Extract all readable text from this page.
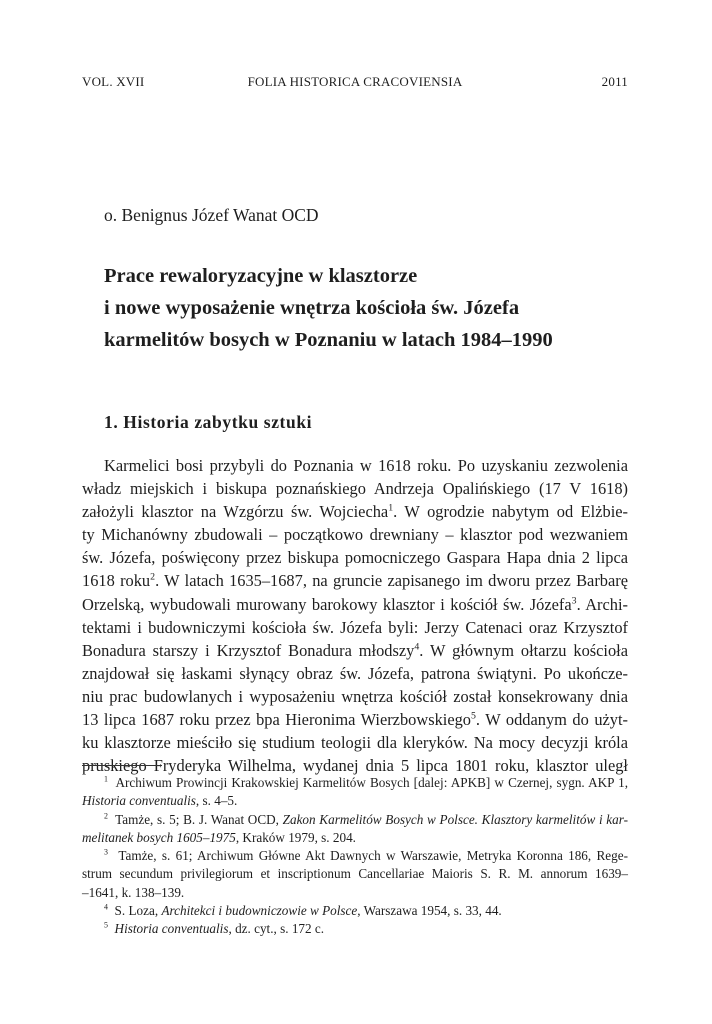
VOL. XVII	FOLIA HISTORICA CRACOVIENSIA	2011
o. Benignus Józef Wanat OCD
Prace rewaloryzacyjne w klasztorze
i nowe wyposażenie wnętrza kościoła św. Józefa
karmelitów bosych w Poznaniu w latach 1984–1990
1. Historia zabytku sztuki
Karmelici bosi przybyli do Poznania w 1618 roku. Po uzyskaniu zezwolenia
władz miejskich i biskupa poznańskiego Andrzeja Opalińskiego (17 V 1618)
założyli klasztor na Wzgórzu św. Wojciecha$^1$. W ogrodzie nabytym od Elżbie-
ty Michanówny zbudowali – początkowo drewniany – klasztor pod wezwaniem
św. Józefa, poświęcony przez biskupa pomocniczego Gaspara Hapa dnia 2 lipca
1618 roku$^2$. W latach 1635–1687, na gruncie zapisanego im dworu przez Barbarę
Orzelską, wybudowali murowany barokowy klasztor i kościół św. Józefa$^3$. Archi-
tektami i budowniczymi kościoła św. Józefa byli: Jerzy Catenaci oraz Krzysztof
Bonadura starszy i Krzysztof Bonadura młodszy$^4$. W głównym ołtarzu kościoła
znajdował się łaskami słynący obraz św. Józefa, patrona świątyni. Po ukończe-
niu prac budowlanych i wyposażeniu wnętrza kościół został konsekrowany dnia
13 lipca 1687 roku przez bpa Hieronima Wierzbowskiego$^5$. W oddanym do użyt-
ku klasztorze mieściło się studium teologii dla kleryków. Na mocy decyzji króla
pruskiego Fryderyka Wilhelma, wydanej dnia 5 lipca 1801 roku, klasztor uległ
$^1$ Archiwum Prowincji Krakowskiej Karmelitów Bosych [dalej: APKB] w Czernej, sygn. AKP 1,
Historia conventualis, s. 4–5.
$^2$ Tamże, s. 5; B. J. Wanat OCD, Zakon Karmelitów Bosych w Polsce. Klasztory karmelitów i kar-
melitanek bosych 1605–1975, Kraków 1979, s. 204.
$^3$ Tamże, s. 61; Archiwum Główne Akt Dawnych w Warszawie, Metryka Koronna 186, Rege-
strum secundum privilegiorum et inscriptionum Cancellariae Maioris S. R. M. annorum 1639–
–1641, k. 138–139.
$^4$ S. Loza, Architekci i budowniczowie w Polsce, Warszawa 1954, s. 33, 44.
$^5$ Historia conventualis, dz. cyt., s. 172 c.
